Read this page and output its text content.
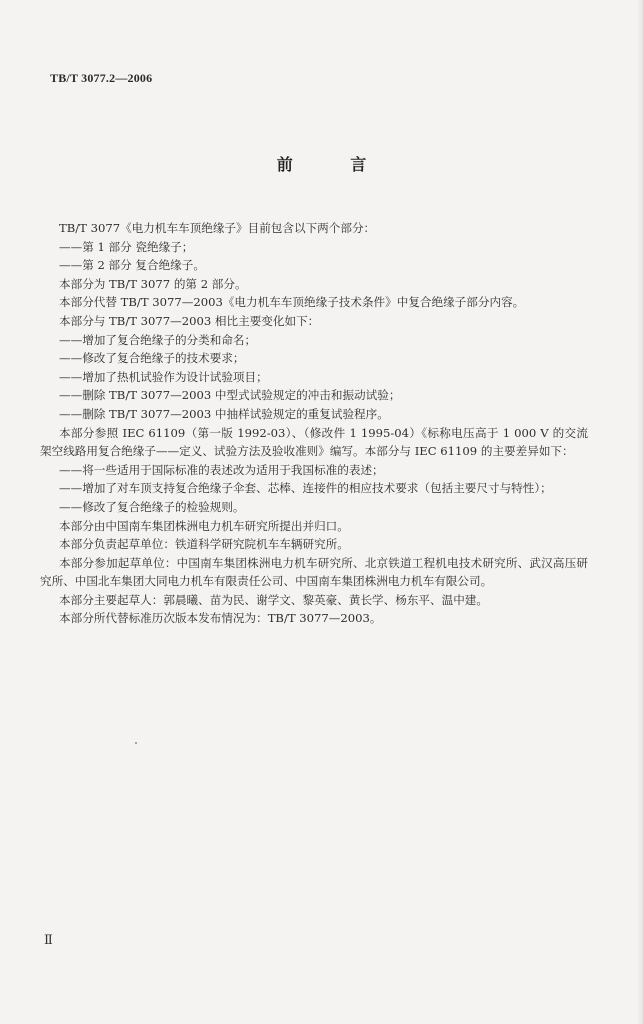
TB/T 3077.2—2006
前 言

TB/T 3077《电力机车车顶绝缘子》目前包含以下两个部分：

——第 1 部分 瓷绝缘子；

——第 2 部分 复合绝缘子。

本部分为 TB/T 3077 的第 2 部分。

本部分代替 TB/T 3077—2003《电力机车车顶绝缘子技术条件》中复合绝缘子部分内容。

本部分与 TB/T 3077—2003 相比主要变化如下：

——增加了复合绝缘子的分类和命名；

——修改了复合绝缘子的技术要求；

——增加了热机试验作为设计试验项目；

——删除 TB/T 3077—2003 中型式试验规定的冲击和振动试验；

——删除 TB/T 3077—2003 中抽样试验规定的重复试验程序。

本部分参照 IEC 61109（第一版 1992-03）、（修改件 1 1995-04）《标称电压高于 1 000 V 的交流架空线路用复合绝缘子——定义、试验方法及验收准则》编写。本部分与 IEC 61109 的主要差异如下：

——将一些适用于国际标准的表述改为适用于我国标准的表述；

——增加了对车顶支持复合绝缘子伞套、芯棒、连接件的相应技术要求（包括主要尺寸与特性）；

——修改了复合绝缘子的检验规则。

本部分由中国南车集团株洲电力机车研究所提出并归口。

本部分负责起草单位：铁道科学研究院机车车辆研究所。

本部分参加起草单位：中国南车集团株洲电力机车研究所、北京铁道工程机电技术研究所、武汉高压研究所、中国北车集团大同电力机车有限责任公司、中国南车集团株洲电力机车有限公司。

本部分主要起草人：郭晨曦、苗为民、谢学文、黎英豪、黄长学、杨东平、温中建。

本部分所代替标准历次版本发布情况为：TB/T 3077—2003。

Ⅱ
